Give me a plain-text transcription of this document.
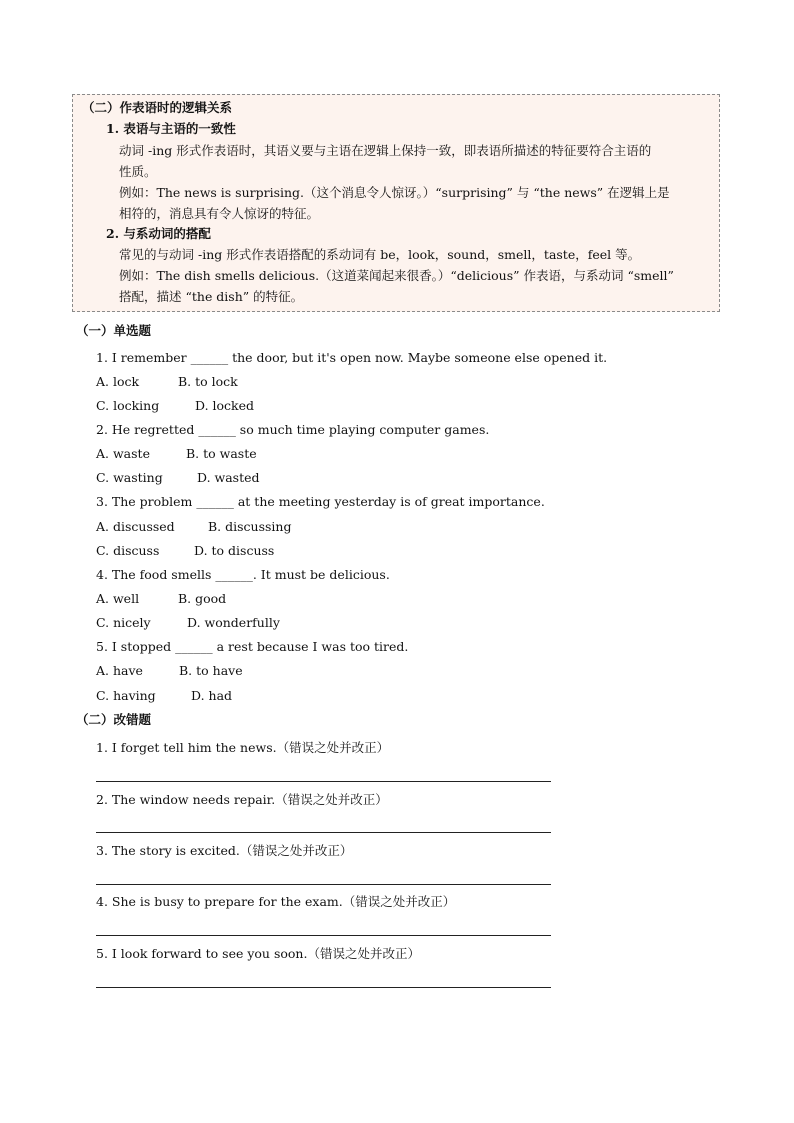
（二）作表语时的逻辑关系
1. 表语与主语的一致性
动词 -ing 形式作表语时，其语义要与主语在逻辑上保持一致，即表语所描述的特征要符合主语的
性质。
例如：The news is surprising.（这个消息令人惊讶。）“surprising” 与 “the news” 在逻辑上是
相符的，消息具有令人惊讶的特征。
2. 与系动词的搭配
常见的与动词 -ing 形式作表语搭配的系动词有 be，look，sound，smell，taste，feel 等。
例如：The dish smells delicious.（这道菜闻起来很香。）“delicious” 作表语，与系动词 “smell”
搭配，描述 “the dish” 的特征。
（一）单选题
1. I remember ______ the door, but it's open now. Maybe someone else opened it.
A. lock	B. to lock
C. locking	D. locked
2. He regretted ______ so much time playing computer games.
A. waste	B. to waste
C. wasting	D. wasted
3. The problem ______ at the meeting yesterday is of great importance.
A. discussed	B. discussing
C. discuss	D. to discuss
4. The food smells ______. It must be delicious.
A. well	B. good
C. nicely	D. wonderfully
5. I stopped ______ a rest because I was too tired.
A. have	B. to have
C. having	D. had
（二）改错题
1. I forget tell him the news.（错误之处并改正）
2. The window needs repair.（错误之处并改正）
3. The story is excited.（错误之处并改正）
4. She is busy to prepare for the exam.（错误之处并改正）
5. I look forward to see you soon.（错误之处并改正）
